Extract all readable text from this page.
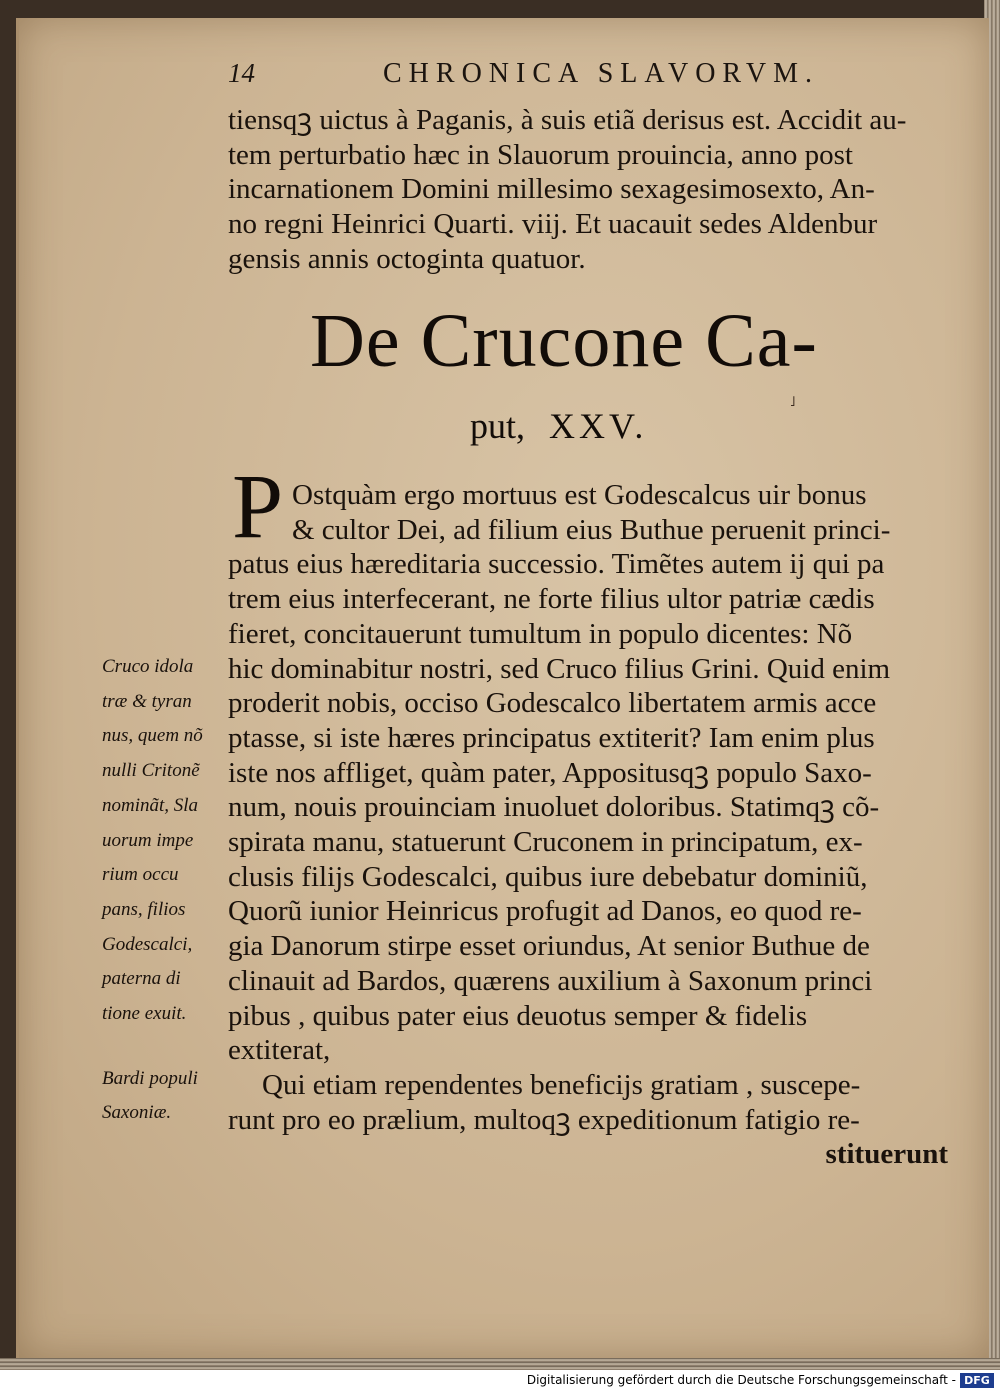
14	CHRONICA SLAVORVM.
tiensqꝫ uictus à Paganis, à suis etiã derisus est. Accidit au-
tem perturbatio hæc in Slauorum prouincia, anno post
incarnationem Domini millesimo sexagesimosexto, An-
no regni Heinrici Quarti. viij. Et uacauit sedes Aldenbur
gensis annis octoginta quatuor.
De Crucone Ca-
put, XXV.
˩
P Ostquàm ergo mortuus est Godescalcus uir bonus
& cultor Dei, ad filium eius Buthue peruenit princi-
patus eius hæreditaria successio. Timẽtes autem ij qui pa
trem eius interfecerant, ne forte filius ultor patriæ cædis
fieret, concitauerunt tumultum in populo dicentes: Nõ
hic dominabitur nostri, sed Cruco filius Grini. Quid enim
proderit nobis, occiso Godescalco libertatem armis acce
ptasse, si iste hæres principatus extiterit? Iam enim plus
iste nos affliget, quàm pater, Appositusqꝫ populo Saxo-
num, nouis prouinciam inuoluet doloribus. Statimqꝫ cõ-
spirata manu, statuerunt Cruconem in principatum, ex-
clusis filijs Godescalci, quibus iure debebatur dominiũ,
Quorũ iunior Heinricus profugit ad Danos, eo quod re-
gia Danorum stirpe esset oriundus, At senior Buthue de
clinauit ad Bardos, quærens auxilium à Saxonum princi
pibus , quibus pater eius deuotus semper & fidelis
extiterat,
Qui etiam rependentes beneficijs gratiam , suscepe-
runt pro eo prælium, multoqꝫ expeditionum fatigio re-
stituerunt
Cruco idola
træ & tyran
nus, quem nõ
nulli Critonẽ
nominãt, Sla
uorum impe
rium occu
pans, filios
Godescalci,
paterna di
tione exuit.
Bardi populi
Saxoniæ.
Digitalisierung gefördert durch die Deutsche Forschungsgemeinschaft - DFG
